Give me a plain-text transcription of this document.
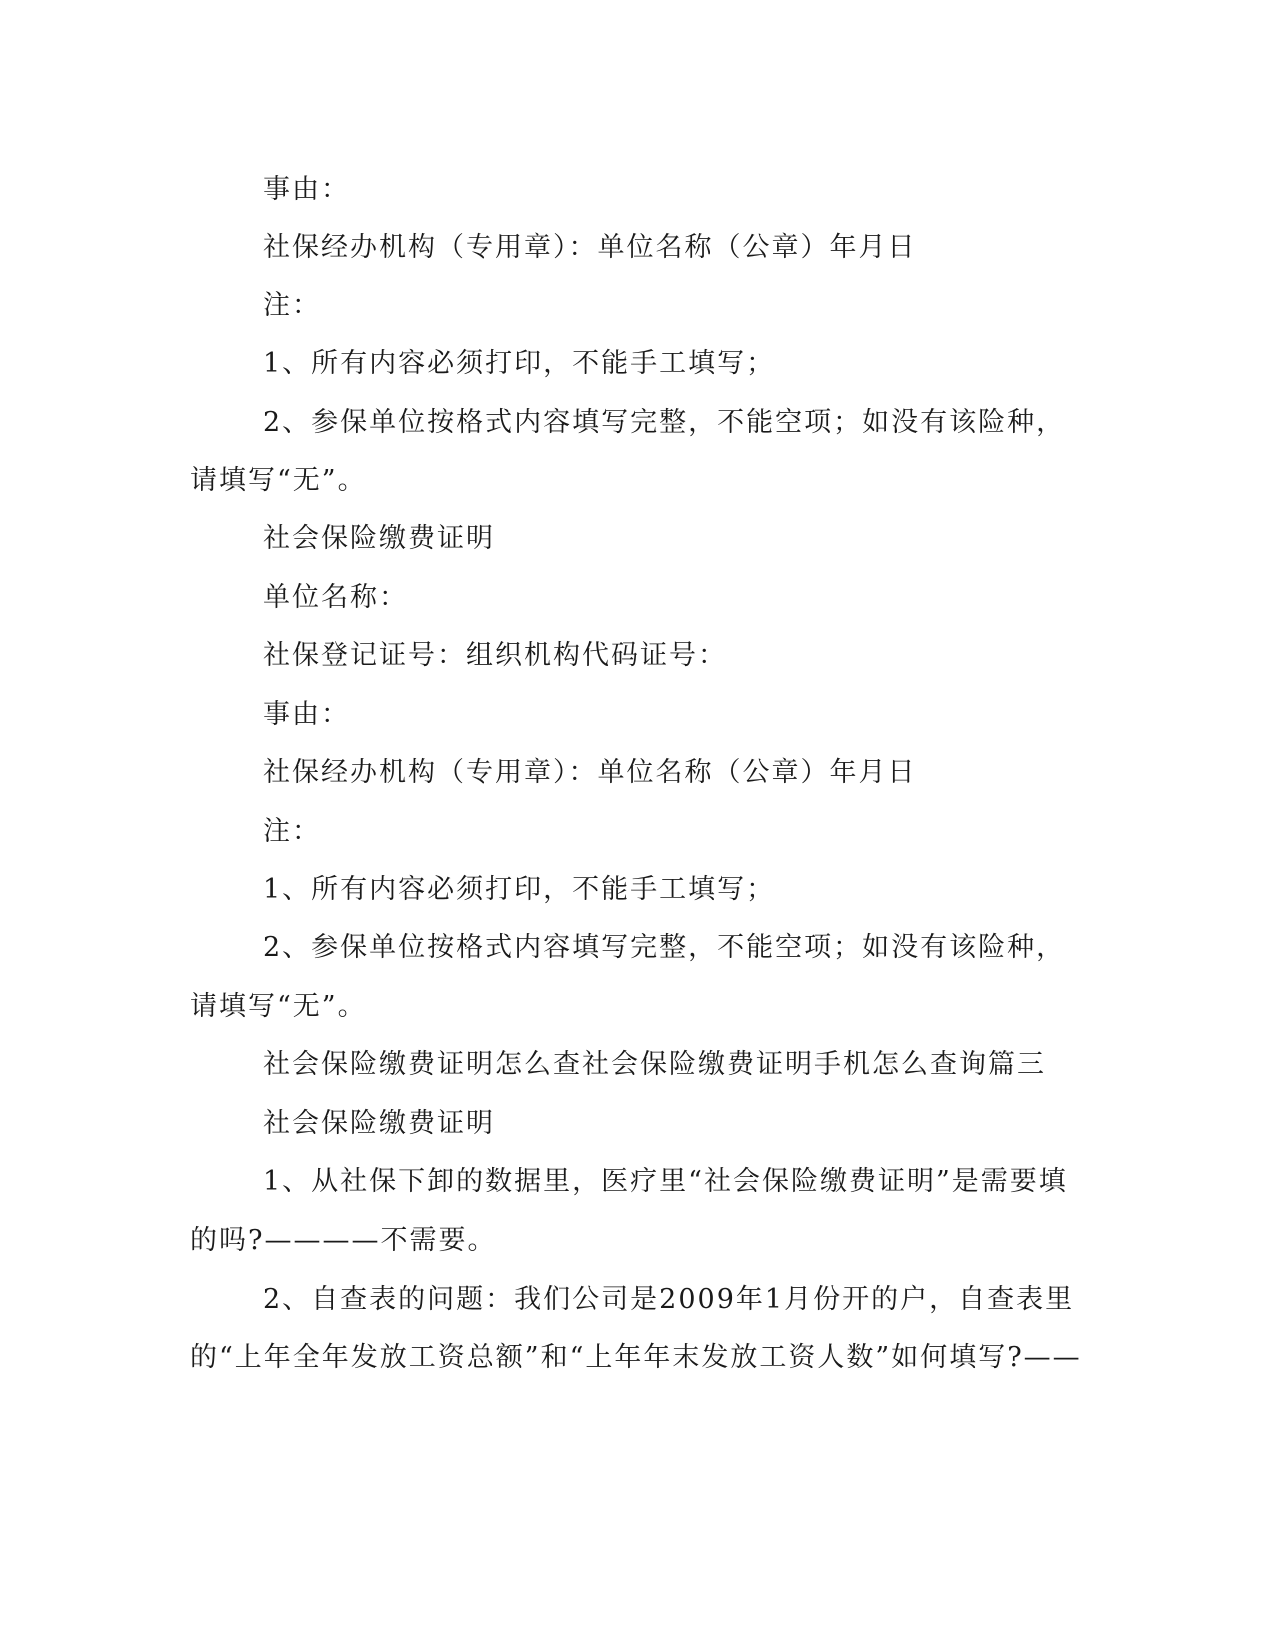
事由：
社保经办机构（专用章）：单位名称（公章）年月日
注：
1、所有内容必须打印，不能手工填写；
2、参保单位按格式内容填写完整，不能空项；如没有该险种，
请填写“无”。
社会保险缴费证明
单位名称：
社保登记证号：组织机构代码证号：
事由：
社保经办机构（专用章）：单位名称（公章）年月日
注：
1、所有内容必须打印，不能手工填写；
2、参保单位按格式内容填写完整，不能空项；如没有该险种，
请填写“无”。
社会保险缴费证明怎么查社会保险缴费证明手机怎么查询篇三
社会保险缴费证明
1、从社保下卸的数据里，医疗里“社会保险缴费证明”是需要填
的吗?————不需要。
2、自查表的问题：我们公司是2009年1月份开的户，自查表里
的“上年全年发放工资总额”和“上年年末发放工资人数”如何填写?——
